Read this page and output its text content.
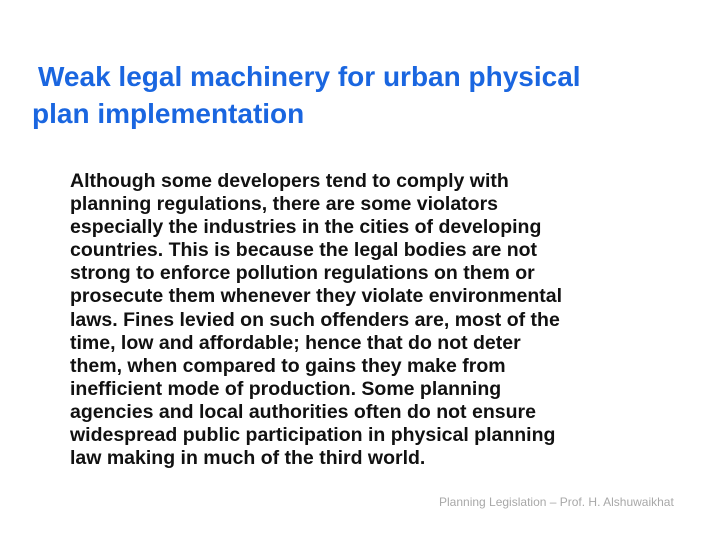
Weak legal machinery for urban physical
plan implementation
Although some developers tend to comply with
planning regulations, there are some violators
especially the industries in the cities of developing
countries. This is because the legal bodies are not
strong to enforce pollution regulations on them or
prosecute them whenever they violate environmental
laws. Fines levied on such offenders are, most of the
time, low and affordable; hence that do not deter
them, when compared to gains they make from
inefficient mode of production. Some planning
agencies and local authorities often do not ensure
widespread public participation in physical planning
law making in much of the third world.
Planning Legislation – Prof. H. Alshuwaikhat
